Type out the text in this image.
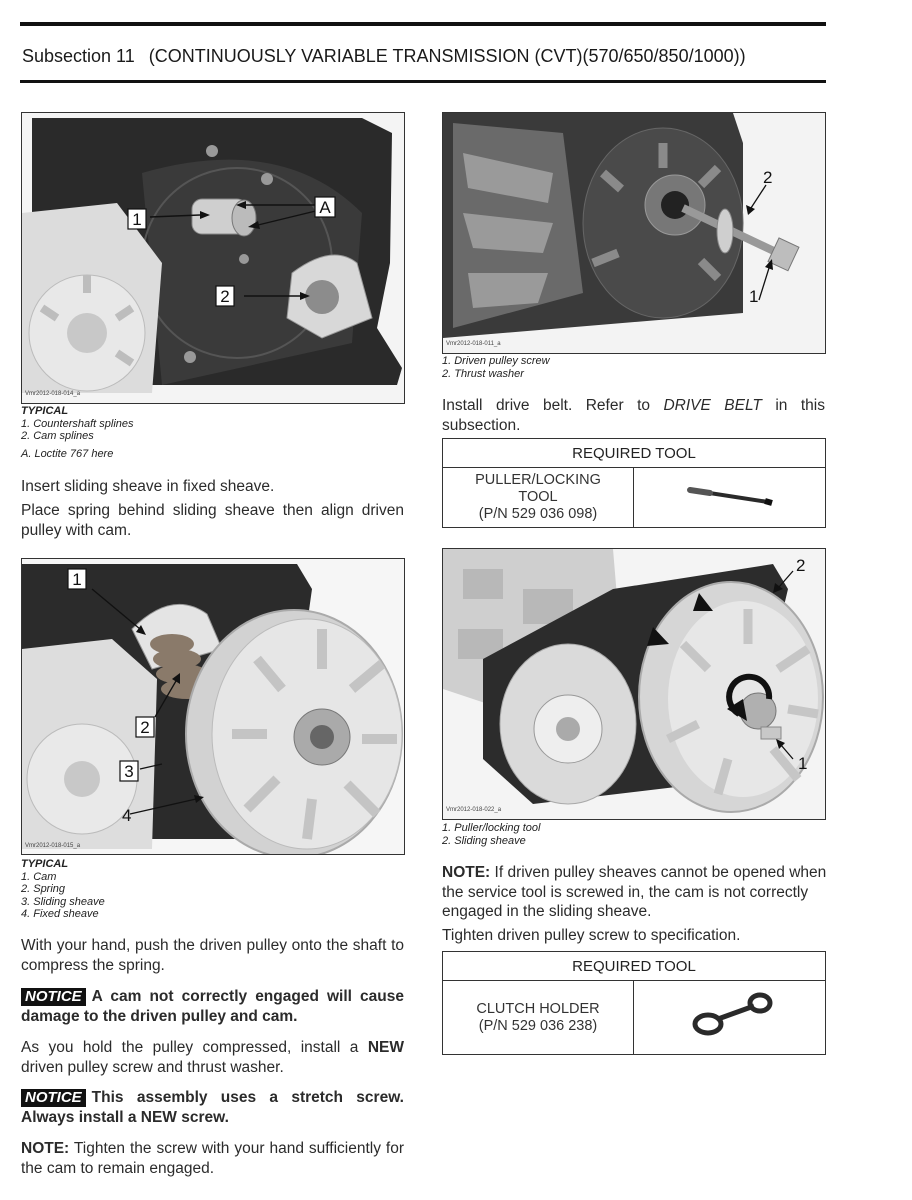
Subsection 11 (CONTINUOUSLY VARIABLE TRANSMISSION (CVT)(570/650/850/1000))
1
2
A
Vmr2012-018-014_a
TYPICAL
1. Countershaft splines
2. Cam splines
A. Loctite 767 here
Insert sliding sheave in fixed sheave.
Place spring behind sliding sheave then align driven pulley with cam.
1
2
3
4
Vmr2012-018-015_a
TYPICAL
1. Cam
2. Spring
3. Sliding sheave
4. Fixed sheave
With your hand, push the driven pulley onto the shaft to compress the spring.
NOTICE A cam not correctly engaged will cause damage to the driven pulley and cam.
As you hold the pulley compressed, install a NEW driven pulley screw and thrust washer.
NOTICE This assembly uses a stretch screw. Always install a NEW screw.
NOTE: Tighten the screw with your hand sufficiently for the cam to remain engaged.
2
1
Vmr2012-018-011_a
1. Driven pulley screw
2. Thrust washer
Install drive belt. Refer to DRIVE BELT in this subsection.
REQUIRED TOOL

PULLER/LOCKING
TOOL
(P/N 529 036 098)

2
1
Vmr2012-018-022_a
1. Puller/locking tool
2. Sliding sheave
NOTE: If driven pulley sheaves cannot be opened when the service tool is screwed in, the cam is not correctly engaged in the sliding sheave.
Tighten driven pulley screw to specification.
REQUIRED TOOL

CLUTCH HOLDER
(P/N 529 036 238)
